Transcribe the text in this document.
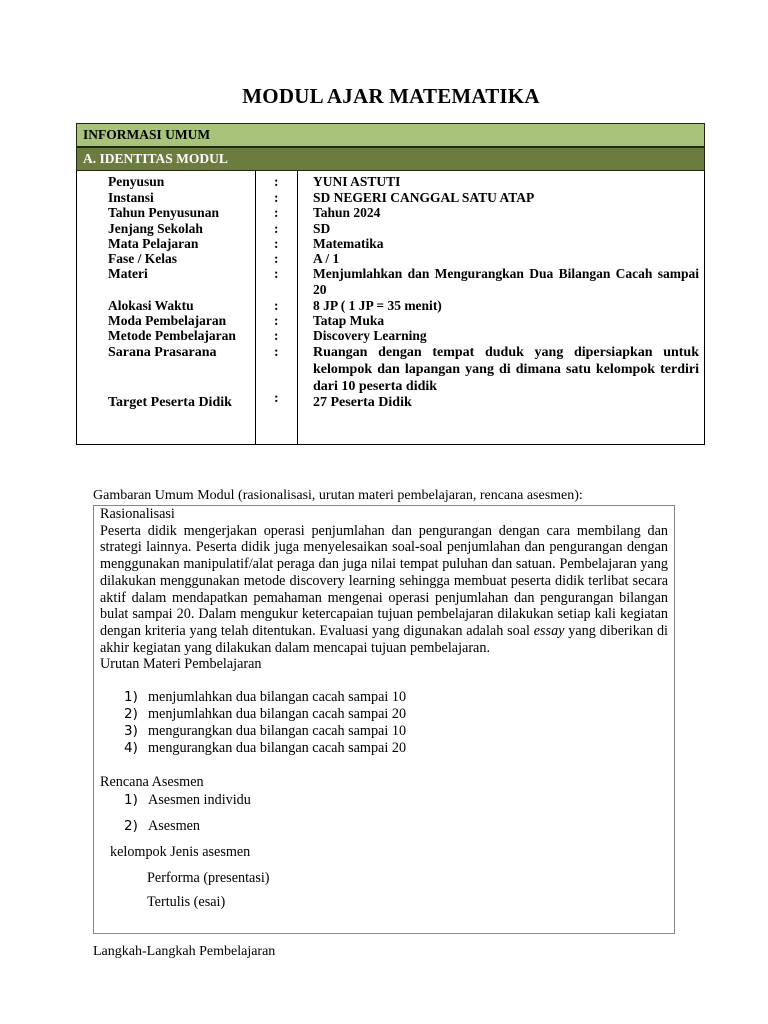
MODUL AJAR MATEMATIKA
INFORMASI UMUM
A. IDENTITAS MODUL
Penyusun	:	YUNI ASTUTI
Instansi	:	SD NEGERI CANGGAL SATU ATAP
Tahun Penyusunan	:	Tahun 2024
Jenjang Sekolah	:	SD
Mata Pelajaran	:	Matematika
Fase / Kelas	:	A / 1
Materi	:	Menjumlahkan dan Mengurangkan Dua Bilangan Cacah sampai 20
Alokasi Waktu	:	8 JP ( 1 JP = 35 menit)
Moda Pembelajaran	:	Tatap Muka
Metode Pembelajaran	:	Discovery Learning
Sarana Prasarana	: Ruangan dengan tempat duduk yang dipersiapkan untuk kelompok dan lapangan yang di dimana satu kelompok terdiri dari 10 peserta didik
Target Peserta Didik	: 27 Peserta Didik
Gambaran Umum Modul (rasionalisasi, urutan materi pembelajaran, rencana asesmen):
Rasionalisasi

Peserta didik mengerjakan operasi penjumlahan dan pengurangan dengan cara membilang dan strategi lainnya. Peserta didik juga menyelesaikan soal-soal penjumlahan dan pengurangan dengan menggunakan manipulatif/alat peraga dan juga nilai tempat puluhan dan satuan. Pembelajaran yang dilakukan menggunakan metode discovery learning sehingga membuat peserta didik terlibat secara aktif dalam mendapatkan pemahaman mengenai operasi penjumlahan dan pengurangan bilangan bulat sampai 20. Dalam mengukur ketercapaian tujuan pembelajaran dilakukan setiap kali kegiatan dengan kriteria yang telah ditentukan. Evaluasi yang digunakan adalah soal essay yang diberikan di akhir kegiatan yang dilakukan dalam mencapai tujuan pembelajaran.

Urutan Materi Pembelajaran
1) menjumlahkan dua bilangan cacah sampai 10
2) menjumlahkan dua bilangan cacah sampai 20
3) mengurangkan dua bilangan cacah sampai 10
4) mengurangkan dua bilangan cacah sampai 20
Rencana Asesmen
1) Asesmen individu
2) Asesmen
kelompok Jenis asesmen
Performa (presentasi)
Tertulis (esai)
Langkah-Langkah Pembelajaran
